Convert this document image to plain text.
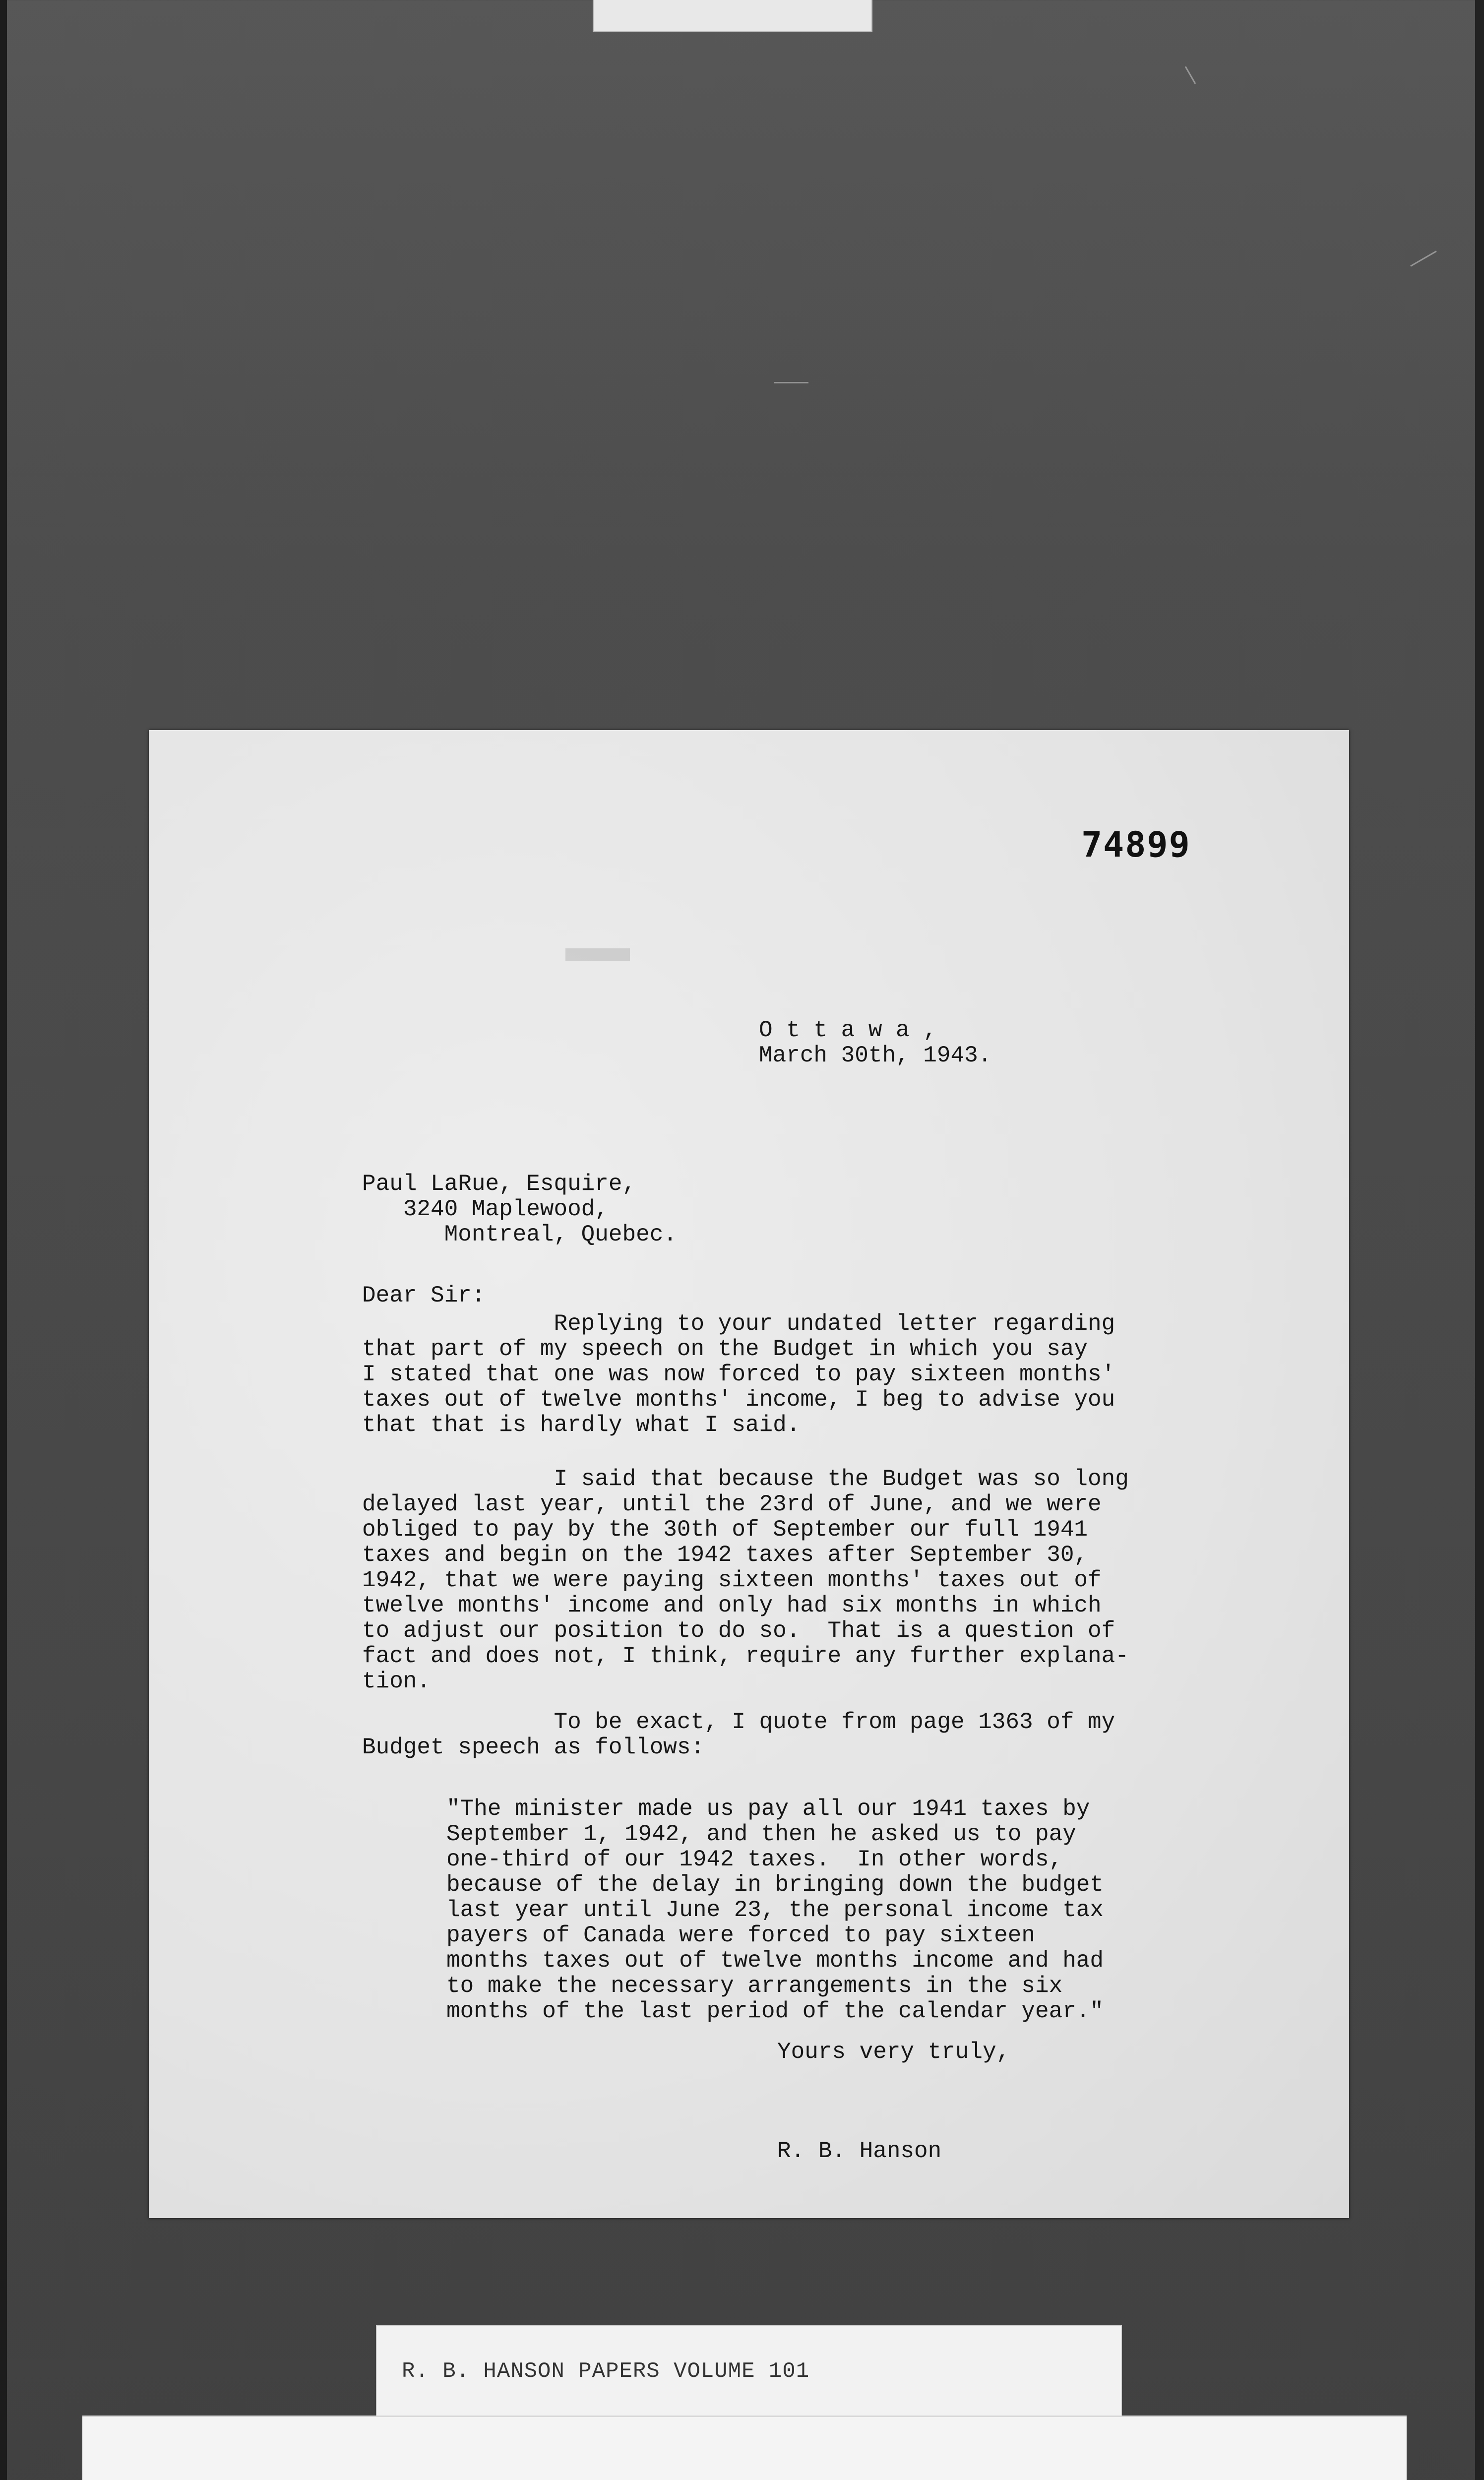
74899
O t t a w a ,
March 30th, 1943.
Paul LaRue, Esquire,
3240 Maplewood,
Montreal, Quebec.
Dear Sir:
Replying to your undated letter regarding
that part of my speech on the Budget in which you say
I stated that one was now forced to pay sixteen months'
taxes out of twelve months' income, I beg to advise you
that that is hardly what I said.
I said that because the Budget was so long
delayed last year, until the 23rd of June, and we were
obliged to pay by the 30th of September our full 1941
taxes and begin on the 1942 taxes after September 30,
1942, that we were paying sixteen months' taxes out of
twelve months' income and only had six months in which
to adjust our position to do so.  That is a question of
fact and does not, I think, require any further explana-
tion.
To be exact, I quote from page 1363 of my
Budget speech as follows:
"The minister made us pay all our 1941 taxes by
September 1, 1942, and then he asked us to pay
one-third of our 1942 taxes.  In other words,
because of the delay in bringing down the budget
last year until June 23, the personal income tax
payers of Canada were forced to pay sixteen
months taxes out of twelve months income and had
to make the necessary arrangements in the six
months of the last period of the calendar year."
Yours very truly,
R. B. Hanson
R. B. HANSON PAPERS VOLUME 101
